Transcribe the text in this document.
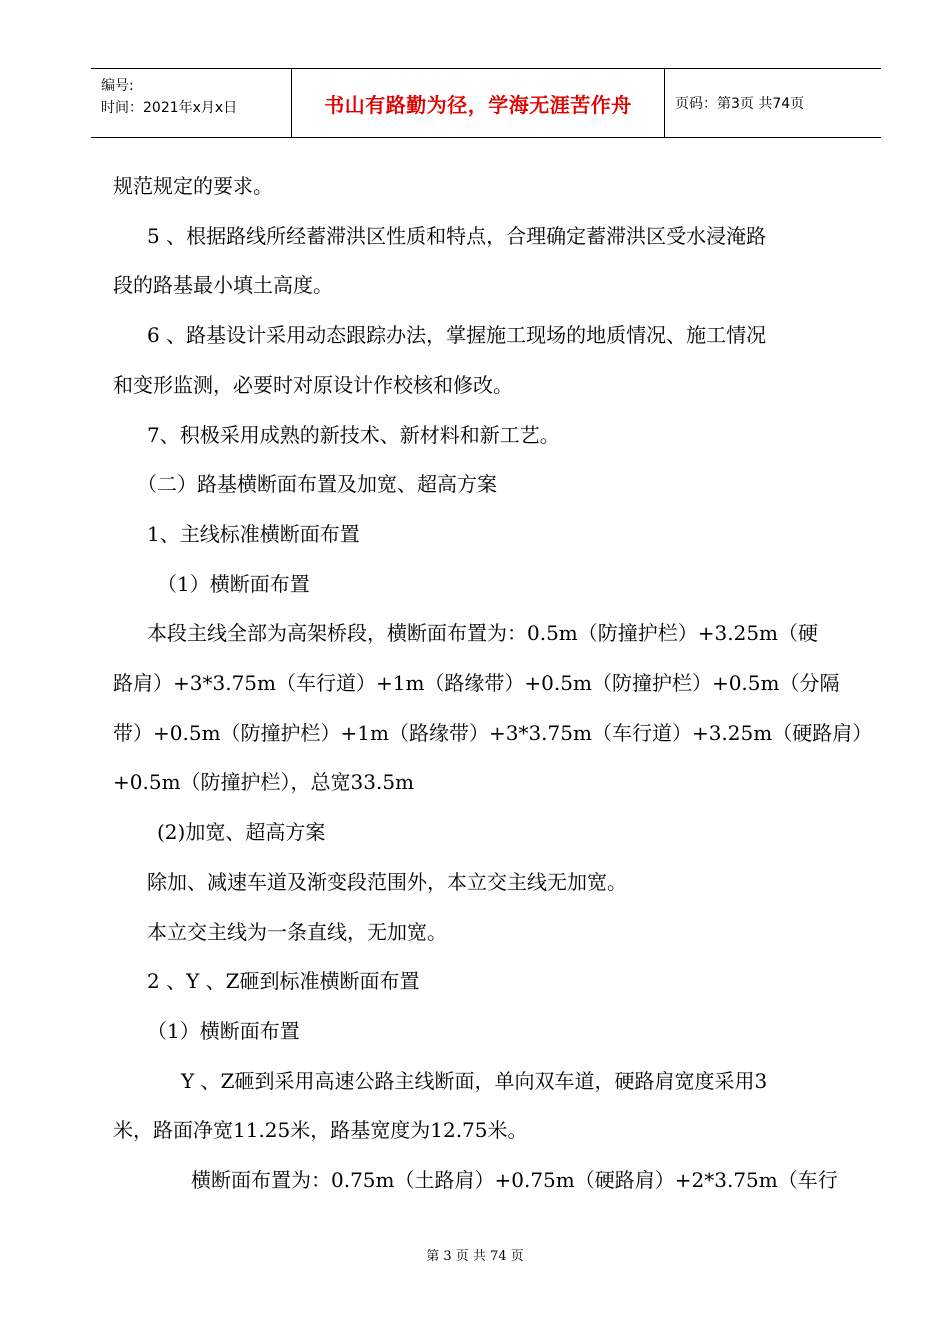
编号:
时间：2021年x月x日	书山有路勤为径，学海无涯苦作舟	页码：第3页 共74页

规范规定的要求。

5 、根据路线所经蓄滞洪区性质和特点，合理确定蓄滞洪区受水浸淹路

段的路基最小填土高度。

6 、路基设计采用动态跟踪办法，掌握施工现场的地质情况、施工情况

和变形监测，必要时对原设计作校核和修改。

7、积极采用成熟的新技术、新材料和新工艺。

（二）路基横断面布置及加宽、超高方案

1、主线标准横断面布置

（1）横断面布置

本段主线全部为高架桥段，横断面布置为：0.5m（防撞护栏）+3.25m（硬

路肩）+3*3.75m（车行道）+1m（路缘带）+0.5m（防撞护栏）+0.5m（分隔

带）+0.5m（防撞护栏）+1m（路缘带）+3*3.75m（车行道）+3.25m（硬路肩）

+0.5m（防撞护栏），总宽33.5m

(2)加宽、超高方案

除加、减速车道及渐变段范围外，本立交主线无加宽。

本立交主线为一条直线，无加宽。

2 、Y 、Z砸到标准横断面布置

（1）横断面布置

Y 、Z砸到采用高速公路主线断面，单向双车道，硬路肩宽度采用3

米，路面净宽11.25米，路基宽度为12.75米。

横断面布置为：0.75m（土路肩）+0.75m（硬路肩）+2*3.75m（车行

第 3 页 共 74 页
